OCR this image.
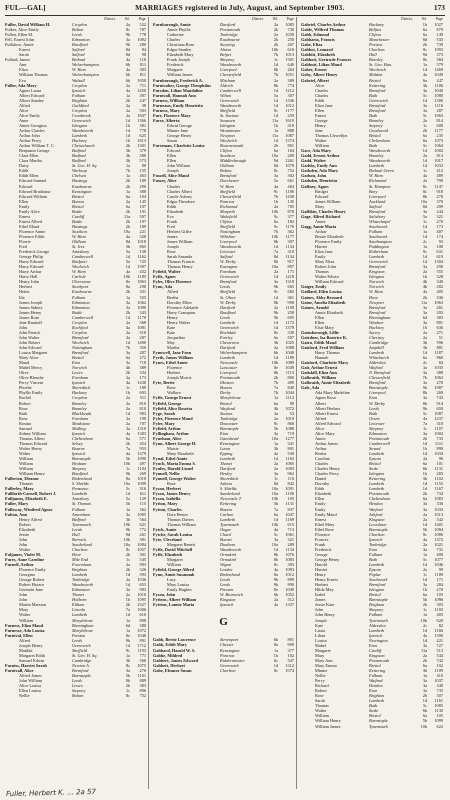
FUL—GAL]	MARRIAGES registered in July, August, and September 1903.	173
District.	Vol.	Page
Fuller, David William H.	Croydon	2a	522
Fulker, Alice Emily	Bolton	8c	787
Fullen, Ellen M.	Leeds	9b	778
Fell, Ernest John	Edmonton	3a	1082
Fullalove, Annie	Bradford	9b	280
Ernest	Salford	8d	84
Sarah	Salford	8d	98
Fullard, James	Bethnal	4a	110
Ann	Wolverhampton	6b	811
Eliza	W. Ham	4a	383
William Thomas	Wolverhampton	6b	811
Eva	Walsall	6b	1050
Fuller, Ada Mary	Croydon	2a	711
Agnes Laura	Ipswich	4a	1450
Albert Edward	Fulham	1a	397
Albert Stanley	Brighton	2b	247
Alfred	Guildford	2a	38
Alice	Croydon	2a	503
Alice Emily	Cranbrook	2a	1847
Anne	Greenwich	1d	1366
Annie Georgina	Islington	1b	381
Arthur Charles	Wandsworth	1d	778
Arthur John	Lambeth	1d	625
Arthur Percy	Hackney	1b	1613
Arthur William T. C.	Christchurch	2b	1301
Benjamin George	Bedford	3b	379
Clara Ellen	Bedford	3b	380
Clara Martha	Bedford	3b	573
Daisy	St. Geo. H. Sq.	1a	80
Edith	Worksop	7b	155
Edith Ellen	Chelsea	1a	463
Edward Samuel	Hastings	2b	189
Edward	Eastbourne	2b	290
Edward Bradshaw	Kensington	1a	388
Edward William	Bristol	6a	104
Ellen	Barton	2a	145
Emily	Bristol	6a	107
Emily Alice	Battle	2b	191
Ernest	Cardiff	11a	507
Ernest Alfred	Battle	2b	197
Ethel Maud	Hastings	2b	189
Florence Annie	Stockton	10a	221
Florence Edith	W. Ham	4a	328
Florrie	Oldham	8d	1018
Fred	St. Ives	3b	865
Frederick George	Amesbury	5a	138
George Philip	Camberwell	1d	1162
Harry Edward	Bridport	5a	725
Harry Edward	Woolwich	1d	1397
Harry Arthur	W. Ham	4a	432
Harry Hall	Carlisle	10b	1185
Henry John	Ulverstone	8e	1863
Herbert	Stockport	8a	298
Hettie	Eastbourne	2b	331
Ida	Fulham	1a	355
James Joseph	Edmonton	3a	1062
James Sidney	Edmonton	3a	1090
James Henry	Battle	2b	343
James Rose	Camberwell	1d	1170
Jane Ranstall	Croydon	2a	568
John	Rochford	4a	1081
John Patrick	Croydon	2a	518
John Walter	Brentford	3a	287
John Robert	Woolwich	1d	1490
John Edward	Nottingham	7b	350
Louisa Margaret	Brentford	3a	287
Mary Alice	Bristol	6a	272
Maud	Eton	3a	718
Mabel Mercy	Norwich	4b	389
Olive	Lewes	2b	334
Olive Blanche	Farnham	2a	173
Percy Vincent	Ipswich	4a	1438
Phoebe	Shoreditch	1c	189
Phyllis Emily	Hackney	1b	693
Rachel	Croydon	2a	511
Robert	Bromley	2a	810
Rose	Bromley	2a	810
Ruth	Blackheath	1d	983
Rose	Farnham	2a	198
Rosina	Maidstone	2a	707
Samuel	Malling	2a	1310
Sidney William	Ipswich	4a	1383
Thomas Albert	Cheltenham	6a	571
Thomas Edward	Selsey	2b	454
Walter Henry	Bourne	7a	953
Walter	Ipswich	4a	1379
William	Barnstaple	5b	1090
William	Hexham	10b	497
William	Shepney	1c	1104
William Henry	Bradford	9b	269
Fullerton, Eleanor	Birkenhead	8a	1010
Thomas	S. Shields	10a	1099
Fullerley, Mary	Penzance	5c	316
Fullforth-Carnell, Robert J.	Lambeth	1d	611
Fulljames, Elizabeth E.	Amesbury	5a	129
Fuller, Mary	St. Thomas	5b	115
Fulloway, Winifred Agnes	Fulham	1a	362
Fulton, Ann	Amersham	3a	1005
Henry Alfred	Bedford	3b	564
Robert	Tynemouth	10b	621
Elizabeth	Leeds	9b	772
Jessie	Hull	9d	261
John	Berwick	10b	381
John	Sunderland	10a	1084
Walter	Chorlton	8c	1057
Fuljames, Violet M.	Hove	2b	301
Fures, Anne Caroline	Mile End	1c	545
Furnell, Arthur	Faversham	2a	903
Florence Emily	Brighton	2b	326
Georgina	Lambeth	1d	593
George Robert	Tonbridge	2a	1036
Robert Horace	Wandsworth	1d	653
Gertrude Jane	Edmonton	3a	983
John	Thanet	2a	1010
John	Holborn	1b	1095
Martin Marston	Eltham	2b	2327
Mary	Lincoln	7a	1006
Walter	Lambeth	1d	610
William	Marylebone	1a	898
Furness, Eliza Maud	Birmingham	6d	380
Furnesse, Ada Louisa	Marylebone	1a	1072
Furnival, Ellen	Preston	8e	1040
Alfred	Leeds	9b	891
Joseph Henry	Greenwich	1d	1712
Matilda	Sheffield	9c	1193
Margaret Edith	St. Geo. H. Sq.	1a	771
Samuel Edwin	Cambridge	3b	566
Furniss, Harriet Sarah	Newton A.	8c	1075
Furnivall, Alice	Brentford	3a	276
Alfred James	Barnstaple	5b	1101
John William	Leeds	9b	889
Alice Louisa	Lewes	2b	383
Ellen Louisa	Stepney	1c	896
Nellie	Bolton	8c	752
District.	Vol.	Page
Furnborough, Annie	Dartford	2a	1085
Annie Phyllis	Portsmouth	2b	730
Catherine	Tonbridge	2a	1030
Charles	Eastbourne	2b	250
Christiana Rose	Steyning	2b	407
Edgar Stanley	Alston	10b	616
Elizabeth Mary	Belper	7b	1013
Frank Joseph	Shepney	1c	1301
Frederick	Wandsworth	1d	640
Margaret	Liverpool	8b	264
William James	Chesterfield	7b	1051
Furnborough, Frederick A.	Mitcham	2a	309
Furnivalter, George Theophilus	Aldrich	8b	774
Fursdon, Lilian Maudaline	Camberwell	1d	1212
Furnivall, Hannah Ann	Wilton	5a	307
Furness, William	Greenwich	1d	1336
Furneaux, Emily Henrietta	Wandsworth	1d	1012
Furness, Mary	Sheffield	9c	1177
Furr, Florence Mary	St. Saviour	1d	259
Furse, Alberta	Swansea	11a	1610
Edwin George	Islington	1b	318
Minnie Jane	Westminster	1a	888
George Henry	Newport	11a	1087
Susan	Woolwich	1d	1374
Furseman, Charlotte Louise	Bournemouth	2b	801
Edward	Clifton	6a	184
Ellen	Stockton	10a	209
Ellen	Middlesbrough	9d	1261
John William	Oldham	8d	1079
Joseph	Bolton	8c	752
Fussell, Alice Maud	Brentford	3a	302
Fussey, Alice	Dorchester	5a	661
Charles	W. Ham	4a	484
Charles Albert	Sheffield	9c	1180
Carole Aubrey	Chesterfield	7b	1438
Edgar Theodore	Pancras	1b	145
Edith	Richmond	2a	785
Elizabeth	Morpeth	10b	878
Eva	Wakefield	9c	377
Frank	Clifton	6a	182
Fred	Sheffield	9c	1176
Herbert Giffre	Nottingham	7b	362
James	Wiltshire	10b	1177
James William	Liverpool	8b	307
Joseph	Wandsworth	1d	1134
Rose	Leicester	7a	310
Sarah Amanda	Salford	8d	1134
Thomas Francis	W. Derby	8b	917
Thomas Henry	Easington	10a	897
Fyfield, Walter	Farnham	2a	171
Fyffe, Agnes	Greenwich	1d	1218
Fyles, Olive Florence	Brentford	3a	1318
Fynn, Ada	Leeds	9b	665
Alfred	Sheffield	9c	682
Bertha	St. Olave	1d	361
Dorothy Ellen	W. Derby	8b	998
Florence Adelaide	Dartford	2a	1100
Harry Crampton	Bradford	9b	258
Henry	Leeds	9b	695
Henry Walter	Lambeth	1d	1172
Kate	Greenwich	1d	1378
Kate	Rochdale	8e	330
Jacqueline	Fairley	6a	507
May	Chesterton	3b	1025
Martha	Dartford	2a	1088
Fynnwell, Jane Fenn	Wolverhampton	6b	1040
Fyrth, James William	Lambeth	1d	1189
Fynes, Ethel Annie	Newcastle	10b	1089
Florence	Lancaster	8e	1049
Herbert	Liverpool	8b	1113
Joseph Morris	Portsmouth	2b	800
Fyte, Bertie	Ilkeston	7b	489
Rose	Boston	7a	840
Wallace	Derby	7b	1044
Fyffe, George Ernest	Marylebone	1a	1112
Fyfield, George	Bristol	6a	89
Fyfield, Alice Rosetta	Wayland	4b	1072
Fyge, Sarah	Staines	3a	53
Fyles, Florence Maud	Tonbridge	2a	1018
Fyler, Mary	Doncaster	9c	860
Fyfield, Arthur	Barnstaple	5b	1088
Fyllingham, Arthur	Eton	3a	719
Fyneham, Alice	Gateshead	10a	1277
Fynn, Albert George H.	Kensington	1a	341
Maisie	Luton	3b	801
Mary Elizabeth	Epping	4a	530
Fynal, Ethel Annie	Lambeth	1d	1163
Fynch, Maria Emma S.	Thanet	2a	1005
Fynley, Harold Lionel	Dartford	2a	1083
Fynnell, Nellie	Henley	3a	962
Fynnell, George Walter	Shoreditch	1c	110
Rose	Ashton	8d	842
Fyson, Herbert	S. Shields	10a	1091
Fyson, James Henry	Sunderland	10a	1100
Fyson, Isabella	Newcastle T.	10b	105
Fytton, Mary	Kettering	3b	1131
Fytton, Charles	Boston	7a	837
Dora Hester	Carlton	6a	1047
Thomas Davies	Lambeth	1d	1169
Thomas William	Tynemouth	10b	615
Fytch, Annie	Ongar	4a	713
Fytche, Sarah Louisa	Chard	5c	1061
Fyte, Cleveland	Barnet	3a	321
Margaret Benett	Dunham	10a	289
Fyffe, David Mitchell	Wandsworth	1d	1134
Fyffe, Elizabeth	Ormskirk	8b	1076
Margaret	Ormskirk	8b	1083
William	Wigan	8c	383
Fyfield, George Alfred	Lexden	4a	1093
Fynn, Annie Susannah	Birkenhead	8a	1012
Lucy	Leeds	9b	889
Mary Louisa	Leeds	9b	890
Emily Hughes	Preston	8e	1049
Fyson, John	W. Bromwich	6b	1052
Fyttens, Albert William	Kingston	2a	512
Fyttens, Lonnie Maria	Ipswich	4a	1337
G
Gabb, Bertie Lawrence	Stevenport	6b	891
Gabb, Edith Mary	Chester	8a	909
Gabbard, Harold W. S.	Kensington	1a	377
Gabbe, Mildred	Pancras	1b	102
Gabbert, James Edward	Kidderminster	6c	547
Gabbett, Herbert	Greenwich	1d	1312
Gabe, Eleanor Susan	Chorlton	8c	1074
District.	Vol.	Page
Gabriel, Charles Arthur	Hackney	1b	1027
Gable, Wilfred Thomas	Belfast	6a	879
Gabb, Edmond	Clifton	6a	149
Gabbaria, Francis	Manchester	8d	533
Gabe, Eliza	Portsea	2b	739
Gabbot, Leonard	Chorlton	8c	1093
Gabbitt, Elizabeth	Hull	9d	373
Gabbott, Gertrude Frances	Burnley	8e	384
Gabbutt, Lilian Maud	St. Geo. Han.	1a	579
Gaber, Ernest	Woolwich	1d	1469
Gaby, Albert Henry	Maldon	4a	1049
Gabriel, Albert	Bristol	6a	247
Alice	Kettering	3b	1106
Charles	Brentford	3a	1040
Charles	Bath	5c	1080
Edith	Greenwich	1d	1300
Eliza Jane	Brentford	3a	1116
Ellen	Brentford	3a	287
Ernest	Bath	5c	1063
George	Bromley	2a	814
Henry	Stepney	1c	608
Jane	Goodwood	2b	1177
Thomas Llewellyn	Bristol	6a	235
Walter	Cheltenham	6a	1073
William	Bath	5c	1064
Gace, Ada Mary	Wandsworth	1d	1002
Gadd, Ernest Arthur	Bromley	2a	813
Gadd, Walter	Wandsworth	1d	1017
Gadsby, Emily Ann	Lambeth	1d	1033
Gadsden, Ada Mary	Bethnal Green	1c	412
Gadson, John	W. Ham	4a	489
Gadsden, Henrietta	Richmond	2a	790
Gaffney, Agnes	St. Hampton	8c	1147
Bridget	Bury	8c	918
Edward	Liverpool	8b	270
James William	Auckland	10a	370
Mary	Salford	8d	209
Gaffikin, Charles Henry	Brentford	3a	244
Gage, Alfred Richard	Salisbury	5a	321
Annie	Whitechapel	1c	270
Gagg, Annie Maria	Southwark	1d	173
Arthur	Fulham	1a	407
Bessie Elizabeth	Southwark	1d	174
Florence Emily	Southampton	2c	93
Harriet	Paddington	1a	108
Eliza Jane	Rotherham	9c	631
Emily	Lambeth	1d	619
Mary Eliza	Greenwich	1d	1304
Robert John	Brentford	3a	290
Thomas	Kingston	2a	555
Walter Edwin	Islington	1b	328
William Edward	Norwich	4b	349
Gaiger, Emily	Norwich	4b	282
Gaillard, Ellen Louisa	W. Ham	4a	405
Gaines, Abby Bernard	Hove	2b	336
Gaine, Amelia Elizabeth	Newport	11a	1063
Gaines, Arnold	Brentford	3a	281
Annie Elizabeth	Brentford	3a	293
Ellen	Birmingham	6d	383
Ellen	Windsor	3a	801
Elsie Mary	Hackney	1b	636
Gainsborough, Lillie	Surrey	2a	271
Gairdner, Isa Beatrice K.	Chertsey	2a	51
Gairn, Edith Maud	Cambridge	3b	596
Gaisford, Fred William	Ampthill	3b	881
Harry Thomas	Lambeth	1d	1187
Hannah	Whitchurch	6a	860
Gaisford, Charlotte Mary	Aldershot	2c	84
Gait, Arthur Ernest	Watford	3a	1035
Gaitskill, Eliza Ann	N. Brentford	3a	388
Galbraith, William	Chesterfield	7b	1063
Galbraith, Annie Elizabeth	Brentford	3a	270
Gale, Ada	Barnstaple	5b	1087
Ada Mary Madeline	Liverpool	8b	269
Agnes Rosa	Eton	3a	743
Albert	W. Derby	8b	914
Albert Herbert	Leeds	9b	659
Albert Ernest	Bath	5c	1087
Alfred	Orsett	4a	1237
Alfred Edward	Leicester	7a	310
Alice	Shepney	1c	1107
Alice Mary	Edmonton	3a	1004
Annie	Portsmouth	2b	733
Arthur James	Camberwell	1d	1111
Arthur	Strand	1b	899
Bertha	Lambeth	1d	1034
Caroline	Epsom	2a	96
Charles	Bristol	6a	101
Charles Henry	Stoke	6b	1131
Charles Percy	Islington	1b	283
Daniel	Kettering	3b	1102
Dorothy	Lambeth	1d	1155
Edith	Lambeth	1d	1167
Elizabeth	Portsmouth	2b	734
Ellen	Cheltenham	6a	1083
Emily	Hendon	3a	336
Emily	Watford	3a	1033
Emily Maud	Ashford	2a	1013
Ernest	Kingston	2a	542
Ethel Mary	Lewisham	1d	1401
Ethel Rose	Barnstaple	5b	1094
Florence	Chorlton	8c	1086
Frances	Ipswich	4a	1372
Frank	Tonbridge	2a	1021
Frederick	Eton	3a	731
George	Fulham	1a	408
George Henry	Bath	5c	1077
Harold	Lambeth	1d	1046
Harriet	Epsom	2a	99
Henry	Poplar	1c	1189
Henry Ernest	Southwark	1d	171
Herbert	Brentford	3a	284
Hilda May	Islington	1b	270
Isabel	Bristol	6a	103
James	Barnstaple	5b	1096
Jessie Kate	Brighton	2b	303
John	Shepney	1c	1103
John Henry	Fulham	1a	403
Joseph	Tynemouth	10b	620
Kate	Aldershot	2c	82
Laura	Lambeth	1d	1166
Lilian	Ipswich	4a	1390
Louisa	Newington	1d	221
Mabel	Eton	3a	727
Margaret	Cardiff	11a	513
Mary	Kingston	2a	544
Mary Ann	Portsmouth	2b	742
Mary Emma	Bristol	6a	102
Minnie	Kettering	3b	1109
Nellie	Fulham	1a	410
Percy	Watford	3a	1037
Richard	Hendon	3a	340
Robert	Eton	3a	735
Rose	Brighton	2b	307
Sarah	Lambeth	1d	1161
Thomas	Bath	5c	1085
Walter	Stoke	6b	1130
William	Bristol	6a	105
William Henry	Barnstaple	5b	1099
William James	Tynemouth	10b	622
Fuller, Herbert K. ... 2a 57
